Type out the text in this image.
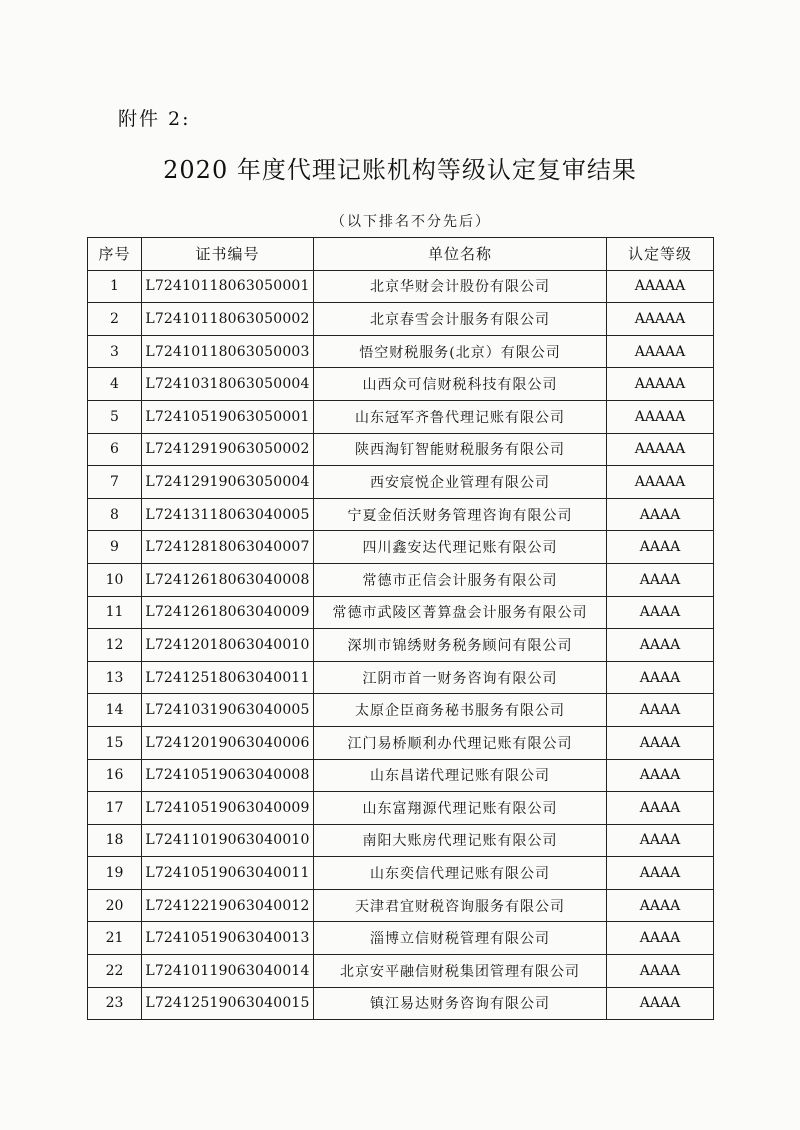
附件 2:
2020 年度代理记账机构等级认定复审结果
（以下排名不分先后）
序号	证书编号	单位名称	认定等级
1	L72410118063050001	北京华财会计股份有限公司	AAAAA
2	L72410118063050002	北京春雪会计服务有限公司	AAAAA
3	L72410118063050003	悟空财税服务(北京）有限公司	AAAAA
4	L72410318063050004	山西众可信财税科技有限公司	AAAAA
5	L72410519063050001	山东冠军齐鲁代理记账有限公司	AAAAA
6	L72412919063050002	陕西淘钉智能财税服务有限公司	AAAAA
7	L72412919063050004	西安宸悦企业管理有限公司	AAAAA
8	L72413118063040005	宁夏金佰沃财务管理咨询有限公司	AAAA
9	L72412818063040007	四川鑫安达代理记账有限公司	AAAA
10	L72412618063040008	常德市正信会计服务有限公司	AAAA
11	L72412618063040009	常德市武陵区菁算盘会计服务有限公司	AAAA
12	L72412018063040010	深圳市锦绣财务税务顾问有限公司	AAAA
13	L72412518063040011	江阴市首一财务咨询有限公司	AAAA
14	L72410319063040005	太原企臣商务秘书服务有限公司	AAAA
15	L72412019063040006	江门易桥顺利办代理记账有限公司	AAAA
16	L72410519063040008	山东昌诺代理记账有限公司	AAAA
17	L72410519063040009	山东富翔源代理记账有限公司	AAAA
18	L72411019063040010	南阳大账房代理记账有限公司	AAAA
19	L72410519063040011	山东奕信代理记账有限公司	AAAA
20	L72412219063040012	天津君宜财税咨询服务有限公司	AAAA
21	L72410519063040013	淄博立信财税管理有限公司	AAAA
22	L72410119063040014	北京安平融信财税集团管理有限公司	AAAA
23	L72412519063040015	镇江易达财务咨询有限公司	AAAA
